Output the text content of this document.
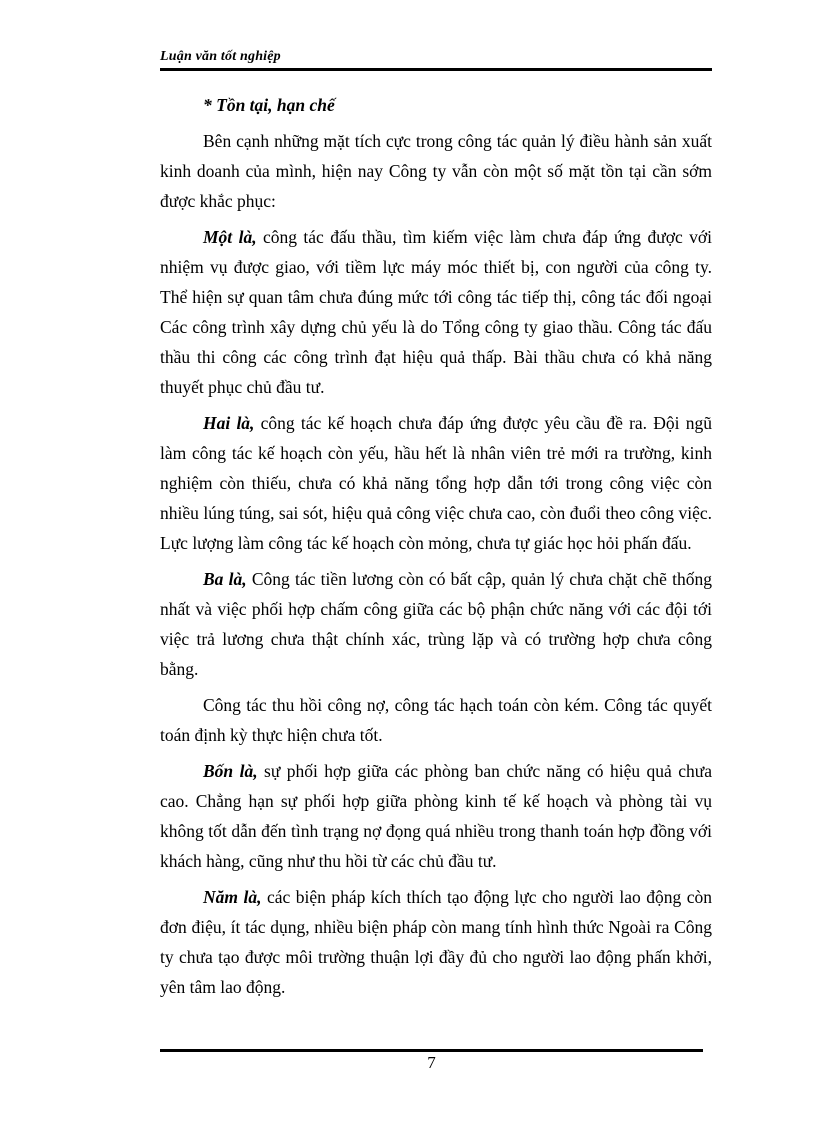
Luận văn tốt nghiệp

* Tồn tại, hạn chế

Bên cạnh những mặt tích cực trong công tác quản lý điều hành sản xuất kinh doanh của mình, hiện nay Công ty vẫn còn một số mặt tồn tại cần sớm được khắc phục:

Một là, công tác đấu thầu, tìm kiếm việc làm chưa đáp ứng được với nhiệm vụ được giao, với tiềm lực máy móc thiết bị, con người của công ty. Thể hiện sự quan tâm chưa đúng mức tới công tác tiếp thị, công tác đối ngoại Các công trình xây dựng chủ yếu là do Tổng công ty giao thầu. Công tác đấu thầu thi công các công trình đạt hiệu quả thấp. Bài thầu chưa có khả năng thuyết phục chủ đầu tư.

Hai là, công tác kế hoạch chưa đáp ứng được yêu cầu đề ra. Đội ngũ làm công tác kế hoạch còn yếu, hầu hết là nhân viên trẻ mới ra trường, kinh nghiệm còn thiếu, chưa có khả năng tổng hợp dẫn tới trong công việc còn nhiều lúng túng, sai sót, hiệu quả công việc chưa cao, còn đuổi theo công việc. Lực lượng làm công tác kế hoạch còn mỏng, chưa tự giác học hỏi phấn đấu.

Ba là, Công tác tiền lương còn có bất cập, quản lý chưa chặt chẽ thống nhất và việc phối hợp chấm công giữa các bộ phận chức năng với các đội tới việc trả lương chưa thật chính xác, trùng lặp và có trường hợp chưa công bằng.

Công tác thu hồi công nợ, công tác hạch toán còn kém. Công tác quyết toán định kỳ thực hiện chưa tốt.

Bốn là, sự phối hợp giữa các phòng ban chức năng có hiệu quả chưa cao. Chẳng hạn sự phối hợp giữa phòng kinh tế kế hoạch và phòng tài vụ không tốt dẫn đến tình trạng nợ đọng quá nhiều trong thanh toán hợp đồng với khách hàng, cũng như thu hồi từ các chủ đầu tư.

Năm là, các biện pháp kích thích tạo động lực cho người lao động còn đơn điệu, ít tác dụng, nhiều biện pháp còn mang tính hình thức Ngoài ra Công ty chưa tạo được môi trường thuận lợi đầy đủ cho người lao động phấn khởi, yên tâm lao động.

7
